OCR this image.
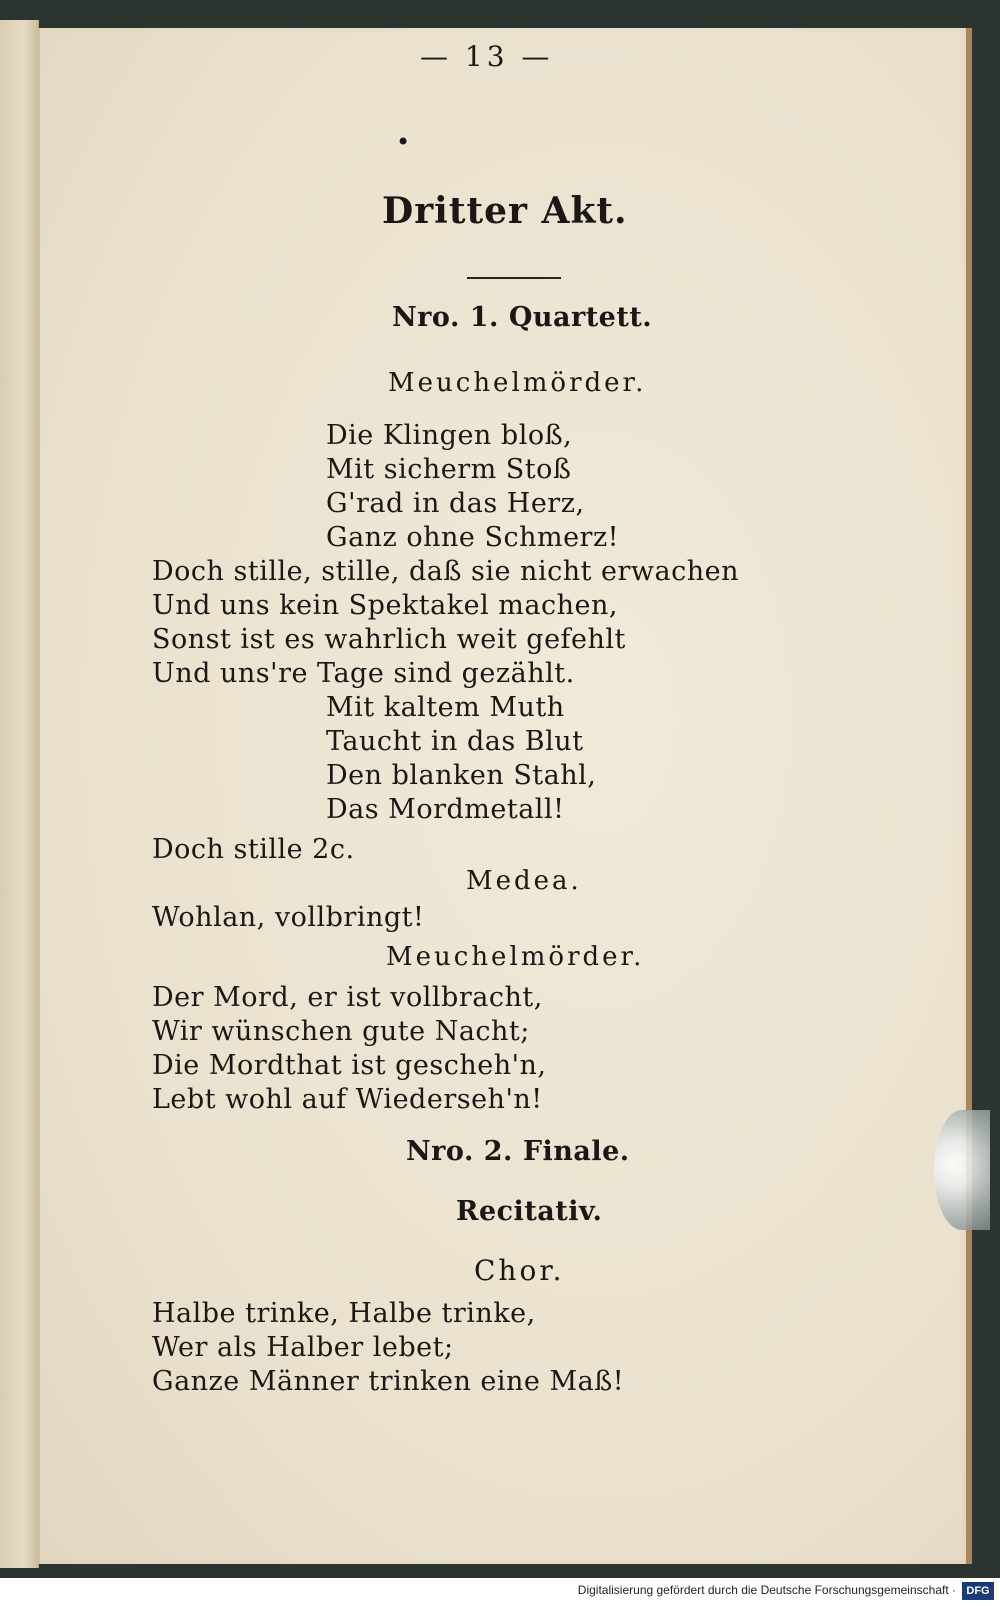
— 13 —
•
Dritter Akt.
Nro. 1. Quartett.
Meuchelmörder.
Die Klingen bloß,
Mit sicherm Stoß
G'rad in das Herz,
Ganz ohne Schmerz!
Doch stille, stille, daß sie nicht erwachen
Und uns kein Spektakel machen,
Sonst ist es wahrlich weit gefehlt
Und uns're Tage sind gezählt.
Mit kaltem Muth
Taucht in das Blut
Den blanken Stahl,
Das Mordmetall!
Doch stille 2c.
Medea.
Wohlan, vollbringt!
Meuchelmörder.
Der Mord, er ist vollbracht,
Wir wünschen gute Nacht;
Die Mordthat ist gescheh'n,
Lebt wohl auf Wiederseh'n!
Nro. 2. Finale.
Recitativ.
Chor.
Halbe trinke, Halbe trinke,
Wer als Halber lebet;
Ganze Männer trinken eine Maß!
Digitalisierung gefördert durch die Deutsche Forschungsgemeinschaft · DFG
